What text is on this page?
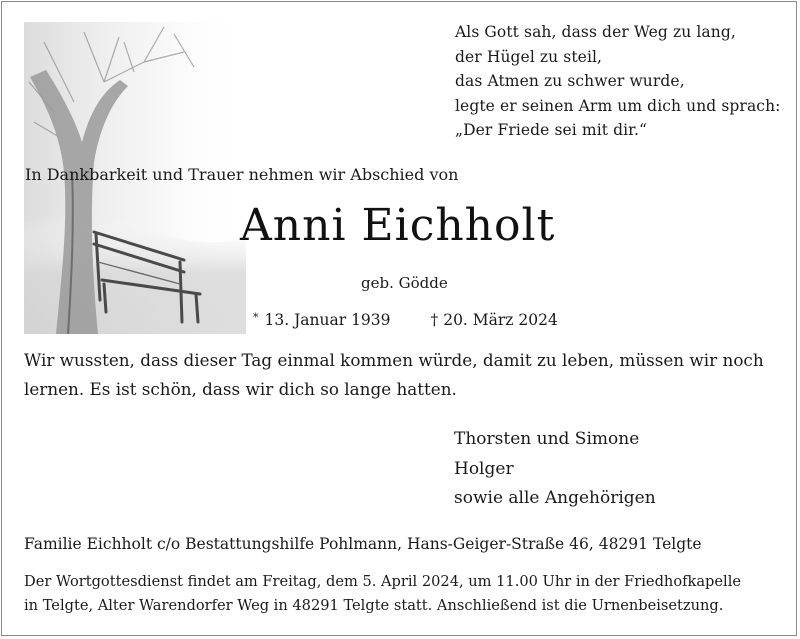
Als Gott sah, dass der Weg zu lang,
der Hügel zu steil,
das Atmen zu schwer wurde,
legte er seinen Arm um dich und sprach:
„Der Friede sei mit dir.“
In Dankbarkeit und Trauer nehmen wir Abschied von
Anni Eichholt
geb. Gödde
* 13. Januar 1939	† 20. März 2024
Wir wussten, dass dieser Tag einmal kommen würde, damit zu leben, müssen wir noch lernen. Es ist schön, dass wir dich so lange hatten.
Thorsten und Simone
Holger
sowie alle Angehörigen
Familie Eichholt c/o Bestattungshilfe Pohlmann, Hans-Geiger-Straße 46, 48291 Telgte
Der Wortgottesdienst findet am Freitag, dem 5. April 2024, um 11.00 Uhr in der Friedhofkapelle
in Telgte, Alter Warendorfer Weg in 48291 Telgte statt. Anschließend ist die Urnenbeisetzung.
